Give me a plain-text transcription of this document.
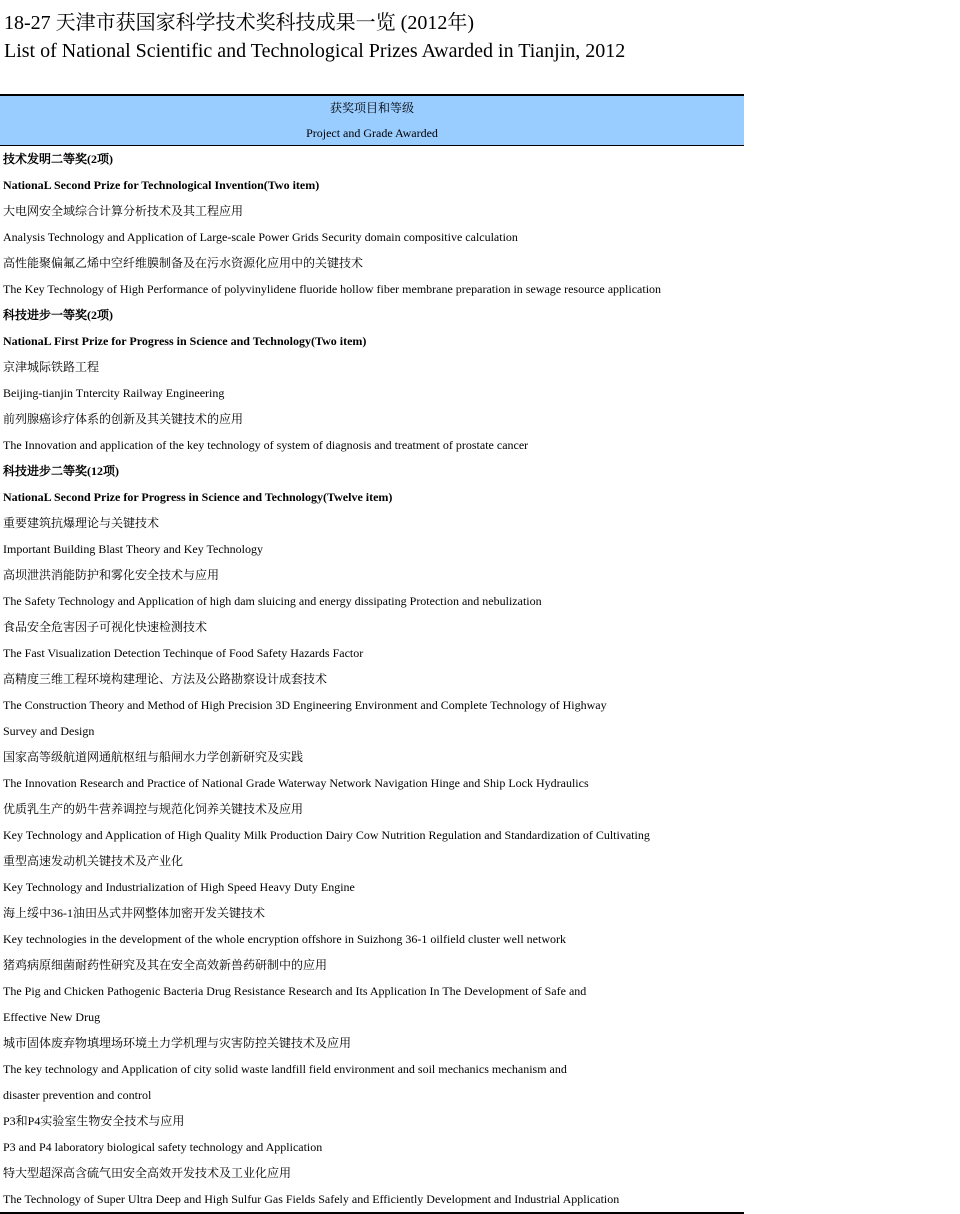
18-27 天津市获国家科学技术奖科技成果一览 (2012年)
List of National Scientific and Technological Prizes Awarded in Tianjin, 2012
获奖项目和等级
Project and Grade Awarded
技术发明二等奖(2项)
NationaL Second Prize for Technological Invention(Two item)
大电网安全域综合计算分析技术及其工程应用
Analysis Technology and Application of Large-scale Power Grids Security domain compositive calculation
高性能聚偏氟乙烯中空纤维膜制备及在污水资源化应用中的关键技术
The Key Technology of High Performance of polyvinylidene fluoride hollow fiber membrane preparation in sewage resource application
科技进步一等奖(2项)
NationaL First Prize for Progress in Science and Technology(Two item)
京津城际铁路工程
Beijing-tianjin Tntercity Railway Engineering
前列腺癌诊疗体系的创新及其关键技术的应用
The Innovation and application of the key technology of system of diagnosis and treatment of prostate cancer
科技进步二等奖(12项)
NationaL Second Prize for Progress in Science and Technology(Twelve item)
重要建筑抗爆理论与关键技术
Important Building Blast Theory and Key Technology
高坝泄洪消能防护和雾化安全技术与应用
The Safety Technology and Application of high dam sluicing and energy dissipating Protection and nebulization
食品安全危害因子可视化快速检测技术
The Fast Visualization Detection Techinque of Food Safety Hazards Factor
高精度三维工程环境构建理论、方法及公路勘察设计成套技术
The Construction Theory and Method of High Precision 3D Engineering Environment and Complete Technology of Highway
Survey and Design
国家高等级航道网通航枢纽与船闸水力学创新研究及实践
The Innovation Research and Practice of National Grade Waterway Network Navigation Hinge and Ship Lock Hydraulics
优质乳生产的奶牛营养调控与规范化饲养关键技术及应用
Key Technology and Application of High Quality Milk Production Dairy Cow Nutrition Regulation and Standardization of Cultivating
重型高速发动机关键技术及产业化
Key Technology and Industrialization of High Speed Heavy Duty Engine
海上绥中36-1油田丛式井网整体加密开发关键技术
Key technologies in the development of the whole encryption offshore in Suizhong 36-1 oilfield cluster well network
猪鸡病原细菌耐药性研究及其在安全高效新兽药研制中的应用
The Pig and Chicken Pathogenic Bacteria Drug Resistance Research and Its Application In The Development of Safe and
Effective New Drug
城市固体废弃物填埋场环境土力学机理与灾害防控关键技术及应用
The key technology and Application of city solid waste landfill field environment and soil mechanics mechanism and
disaster prevention and control
P3和P4实验室生物安全技术与应用
P3 and P4 laboratory biological safety technology and Application
特大型超深高含硫气田安全高效开发技术及工业化应用
The Technology of Super Ultra Deep and High Sulfur Gas Fields Safely and Efficiently Development and Industrial Application
